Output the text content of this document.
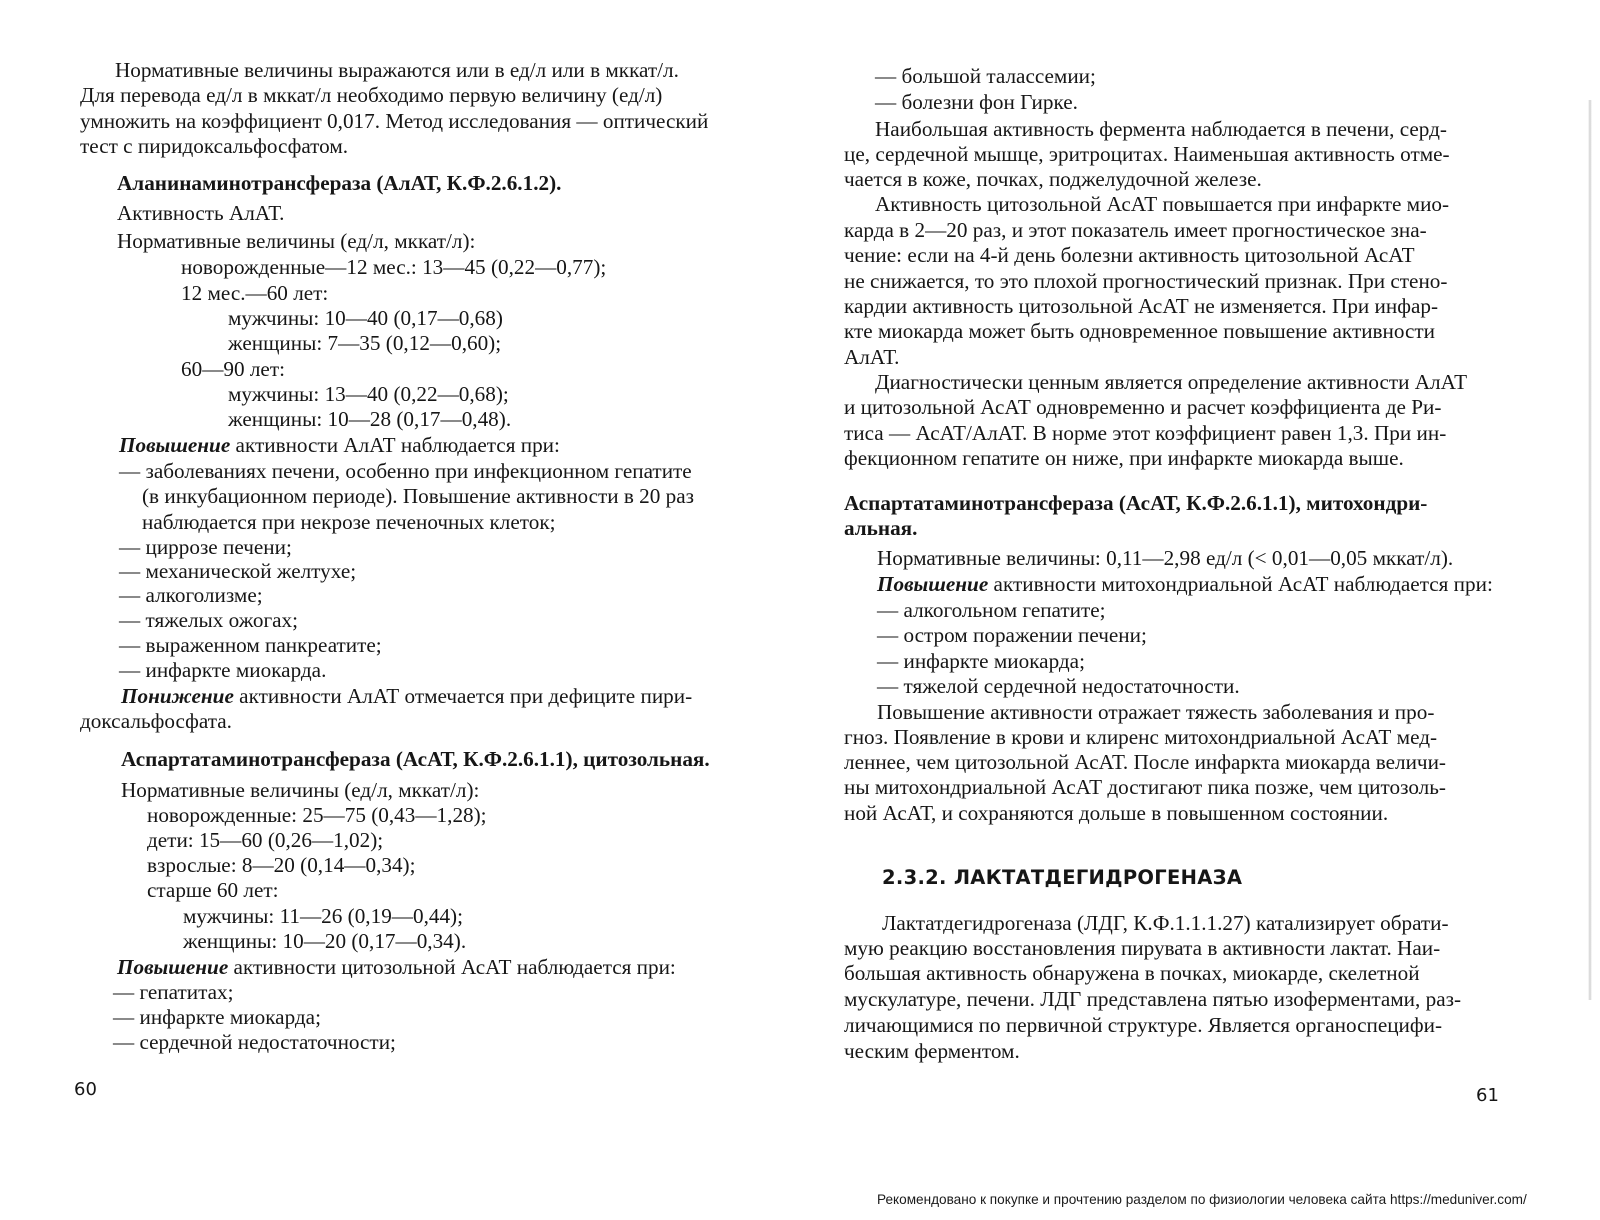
Нормативные величины выражаются или в ед/л или в мккат/л.
Для перевода ед/л в мккат/л необходимо первую величину (ед/л)
умножить на коэффициент 0,017. Метод исследования — оптический
тест с пиридоксальфосфатом.
Аланинаминотрансфераза (АлАТ, К.Ф.2.6.1.2).
Активность АлАТ.
Нормативные величины (ед/л, мккат/л):
новорожденные—12 мес.: 13—45 (0,22—0,77);
12 мес.—60 лет:
мужчины: 10—40 (0,17—0,68)
женщины: 7—35 (0,12—0,60);
60—90 лет:
мужчины: 13—40 (0,22—0,68);
женщины: 10—28 (0,17—0,48).
Повышение активности АлАТ наблюдается при:
— заболеваниях печени, особенно при инфекционном гепатите
(в инкубационном периоде). Повышение активности в 20 раз
наблюдается при некрозе печеночных клеток;
— циррозе печени;
— механической желтухе;
— алкоголизме;
— тяжелых ожогах;
— выраженном панкреатите;
— инфаркте миокарда.
Понижение активности АлАТ отмечается при дефиците пири-
доксальфосфата.
Аспартатаминотрансфераза (АсАТ, К.Ф.2.6.1.1), цитозольная.
Нормативные величины (ед/л, мккат/л):
новорожденные: 25—75 (0,43—1,28);
дети: 15—60 (0,26—1,02);
взрослые: 8—20 (0,14—0,34);
старше 60 лет:
мужчины: 11—26 (0,19—0,44);
женщины: 10—20 (0,17—0,34).
Повышение активности цитозольной АсАТ наблюдается при:
— гепатитах;
— инфаркте миокарда;
— сердечной недостаточности;
60
— большой талассемии;
— болезни фон Гирке.
Наибольшая активность фермента наблюдается в печени, серд-
це, сердечной мышце, эритроцитах. Наименьшая активность отме-
чается в коже, почках, поджелудочной железе.
Активность цитозольной АсАТ повышается при инфаркте мио-
карда в 2—20 раз, и этот показатель имеет прогностическое зна-
чение: если на 4-й день болезни активность цитозольной АсАТ
не снижается, то это плохой прогностический признак. При стено-
кардии активность цитозольной АсАТ не изменяется. При инфар-
кте миокарда может быть одновременное повышение активности
АлАТ.
Диагностически ценным является определение активности АлАТ
и цитозольной АсАТ одновременно и расчет коэффициента де Ри-
тиса — АсАТ/АлАТ. В норме этот коэффициент равен 1,3. При ин-
фекционном гепатите он ниже, при инфаркте миокарда выше.
Аспартатаминотрансфераза (АсАТ, К.Ф.2.6.1.1), митохондри-
альная.
Нормативные величины: 0,11—2,98 ед/л (< 0,01—0,05 мккат/л).
Повышение активности митохондриальной АсАТ наблюдается при:
— алкогольном гепатите;
— остром поражении печени;
— инфаркте миокарда;
— тяжелой сердечной недостаточности.
Повышение активности отражает тяжесть заболевания и про-
гноз. Появление в крови и клиренс митохондриальной АсАТ мед-
леннее, чем цитозольной АсАТ. После инфаркта миокарда величи-
ны митохондриальной АсАТ достигают пика позже, чем цитозоль-
ной АсАТ, и сохраняются дольше в повышенном состоянии.
2.3.2. ЛАКТАТДЕГИДРОГЕНАЗА
Лактатдегидрогеназа (ЛДГ, К.Ф.1.1.1.27) катализирует обрати-
мую реакцию восстановления пирувата в активности лактат. Наи-
большая активность обнаружена в почках, миокарде, скелетной
мускулатуре, печени. ЛДГ представлена пятью изоферментами, раз-
личающимися по первичной структуре. Является органоспецифи-
ческим ферментом.
61
Рекомендовано к покупке и прочтению разделом по физиологии человека сайта https://meduniver.com/
